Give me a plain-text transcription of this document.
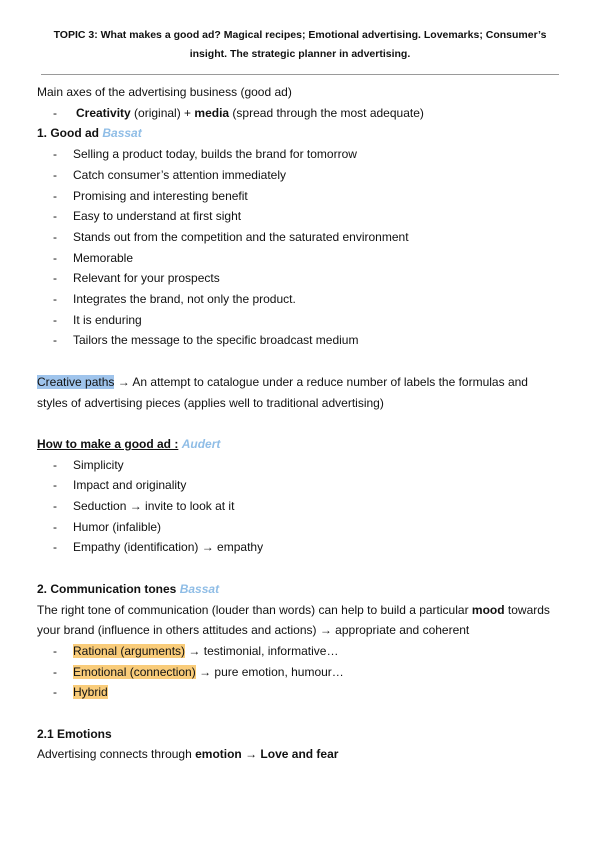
TOPIC 3: What makes a good ad? Magical recipes; Emotional advertising. Lovemarks; Consumer’s
insight. The strategic planner in advertising.
Main axes of the advertising business (good ad)
-	Creativity (original) + media (spread through the most adequate)
1. Good ad Bassat
-	Selling a product today, builds the brand for tomorrow
-	Catch consumer’s attention immediately
-	Promising and interesting benefit
-	Easy to understand at first sight
-	Stands out from the competition and the saturated environment
-	Memorable
-	Relevant for your prospects
-	Integrates the brand, not only the product.
-	It is enduring
-	Tailors the message to the specific broadcast medium
Creative paths → An attempt to catalogue under a reduce number of labels the formulas and
styles of advertising pieces (applies well to traditional advertising)
How to make a good ad : Audert
-	Simplicity
-	Impact and originality
-	Seduction → invite to look at it
-	Humor (infalible)
-	Empathy (identification) → empathy
2. Communication tones Bassat
The right tone of communication (louder than words) can help to build a particular mood towards
your brand (influence in others attitudes and actions) → appropriate and coherent
-	Rational (arguments) → testimonial, informative…
-	Emotional (connection) → pure emotion, humour…
-	Hybrid
2.1 Emotions
Advertising connects through emotion → Love and fear
